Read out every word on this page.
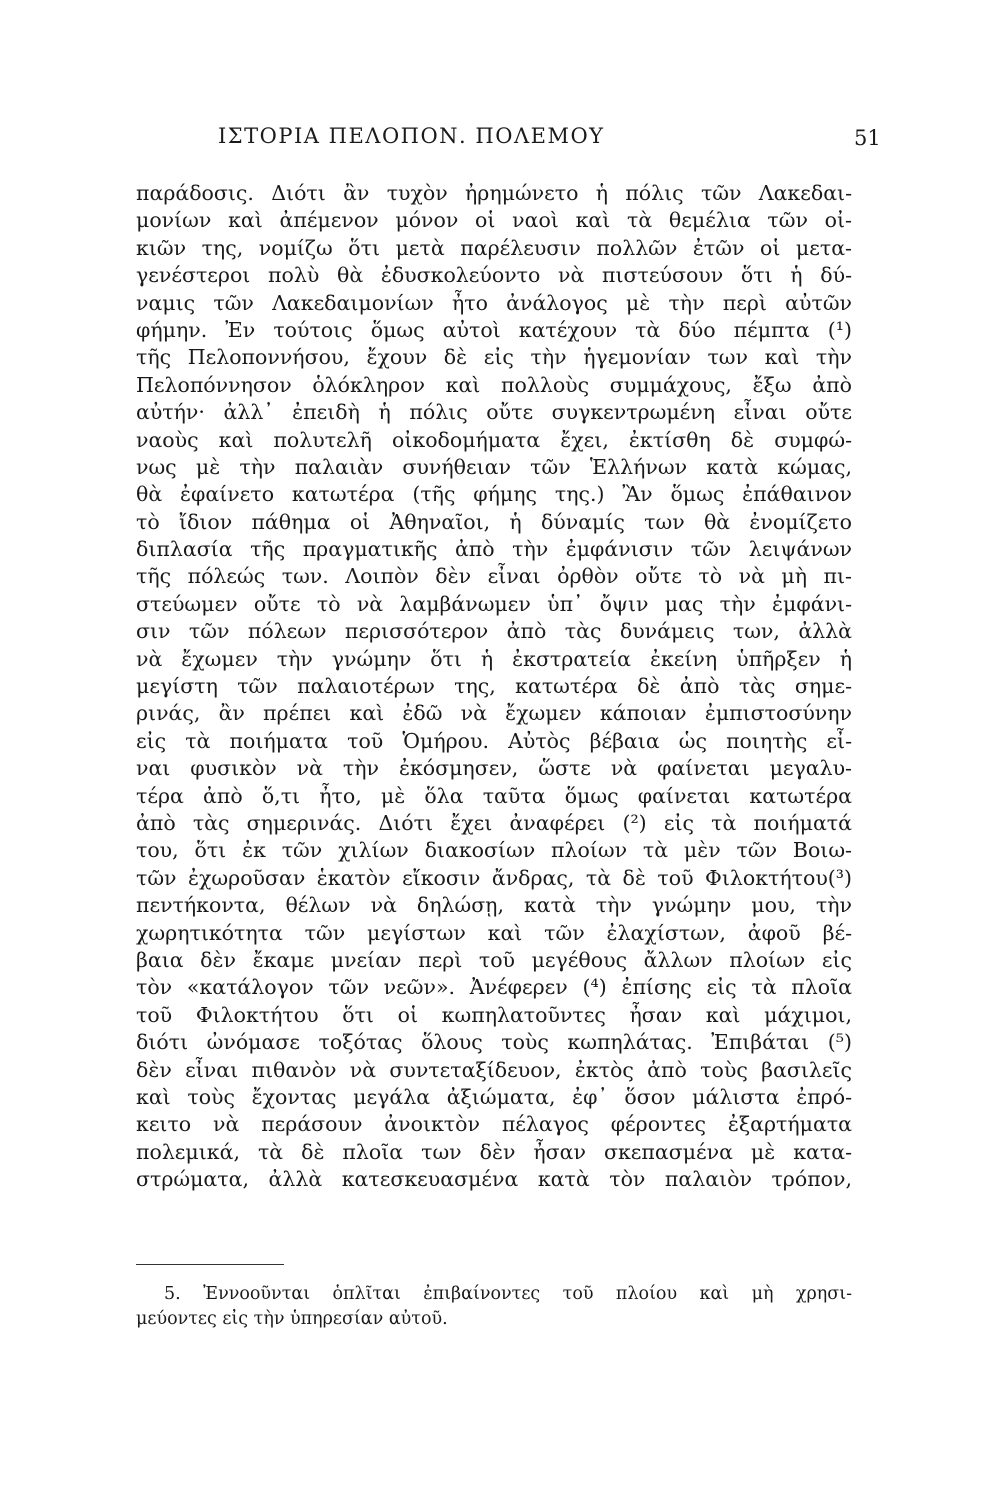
ΙΣΤΟΡΙΑ ΠΕΛΟΠΟΝ. ΠΟΛΕΜΟΥ	51
παράδοσις. Διότι ἂν τυχὸν ἠρημώνετο ἡ πόλις τῶν Λακεδαι-
μονίων καὶ ἀπέμενον μόνον οἱ ναοὶ καὶ τὰ θεμέλια τῶν οἰ-
κιῶν της, νομίζω ὅτι μετὰ παρέλευσιν πολλῶν ἐτῶν οἱ μετα-
γενέστεροι πολὺ θὰ ἐδυσκολεύοντο νὰ πιστεύσουν ὅτι ἡ δύ-
ναμις τῶν Λακεδαιμονίων ἦτο ἀνάλογος μὲ τὴν περὶ αὐτῶν
φήμην. Ἐν τούτοις ὅμως αὐτοὶ κατέχουν τὰ δύο πέμπτα (¹)
τῆς Πελοποννήσου, ἔχουν δὲ εἰς τὴν ἡγεμονίαν των καὶ τὴν
Πελοπόννησον ὁλόκληρον καὶ πολλοὺς συμμάχους, ἔξω ἀπὸ
αὐτήν· ἀλλ᾽ ἐπειδὴ ἡ πόλις οὔτε συγκεντρωμένη εἶναι οὔτε
ναοὺς καὶ πολυτελῆ οἰκοδομήματα ἔχει, ἐκτίσθη δὲ συμφώ-
νως μὲ τὴν παλαιὰν συνήθειαν τῶν Ἑλλήνων κατὰ κώμας,
θὰ ἐφαίνετο κατωτέρα (τῆς φήμης της.) Ἂν ὅμως ἐπάθαινον
τὸ ἴδιον πάθημα οἱ Ἀθηναῖοι, ἡ δύναμίς των θὰ ἐνομίζετο
διπλασία τῆς πραγματικῆς ἀπὸ τὴν ἐμφάνισιν τῶν λειψάνων
τῆς πόλεώς των. Λοιπὸν δὲν εἶναι ὀρθὸν οὔτε τὸ νὰ μὴ πι-
στεύωμεν οὔτε τὸ νὰ λαμβάνωμεν ὑπ᾽ ὄψιν μας τὴν ἐμφάνι-
σιν τῶν πόλεων περισσότερον ἀπὸ τὰς δυνάμεις των, ἀλλὰ
νὰ ἔχωμεν τὴν γνώμην ὅτι ἡ ἐκστρατεία ἐκείνη ὑπῆρξεν ἡ
μεγίστη τῶν παλαιοτέρων της, κατωτέρα δὲ ἀπὸ τὰς σημε-
ρινάς, ἂν πρέπει καὶ ἐδῶ νὰ ἔχωμεν κάποιαν ἐμπιστοσύνην
εἰς τὰ ποιήματα τοῦ Ὁμήρου. Αὐτὸς βέβαια ὡς ποιητὴς εἶ-
ναι φυσικὸν νὰ τὴν ἐκόσμησεν, ὥστε νὰ φαίνεται μεγαλυ-
τέρα ἀπὸ ὅ,τι ἦτο, μὲ ὅλα ταῦτα ὅμως φαίνεται κατωτέρα
ἀπὸ τὰς σημερινάς. Διότι ἔχει ἀναφέρει (²) εἰς τὰ ποιήματά
του, ὅτι ἐκ τῶν χιλίων διακοσίων πλοίων τὰ μὲν τῶν Βοιω-
τῶν ἐχωροῦσαν ἑκατὸν εἴκοσιν ἄνδρας, τὰ δὲ τοῦ Φιλοκτήτου(³)
πεντήκοντα, θέλων νὰ δηλώσῃ, κατὰ τὴν γνώμην μου, τὴν
χωρητικότητα τῶν μεγίστων καὶ τῶν ἐλαχίστων, ἀφοῦ βέ-
βαια δὲν ἔκαμε μνείαν περὶ τοῦ μεγέθους ἄλλων πλοίων εἰς
τὸν «κατάλογον τῶν νεῶν». Ἀνέφερεν (⁴) ἐπίσης εἰς τὰ πλοῖα
τοῦ Φιλοκτήτου ὅτι οἱ κωπηλατοῦντες ἦσαν καὶ μάχιμοι,
διότι ὠνόμασε τοξότας ὅλους τοὺς κωπηλάτας. Ἐπιβάται (⁵)
δὲν εἶναι πιθανὸν νὰ συντεταξίδευον, ἐκτὸς ἀπὸ τοὺς βασιλεῖς
καὶ τοὺς ἔχοντας μεγάλα ἀξιώματα, ἐφ᾽ ὅσον μάλιστα ἐπρό-
κειτο νὰ περάσουν ἀνοικτὸν πέλαγος φέροντες ἐξαρτήματα
πολεμικά, τὰ δὲ πλοῖα των δὲν ἦσαν σκεπασμένα μὲ κατα-
στρώματα, ἀλλὰ κατεσκευασμένα κατὰ τὸν παλαιὸν τρόπον,
5. Ἐννοοῦνται ὁπλῖται ἐπιβαίνοντες τοῦ πλοίου καὶ μὴ χρησι-
μεύοντες εἰς τὴν ὑπηρεσίαν αὐτοῦ.
